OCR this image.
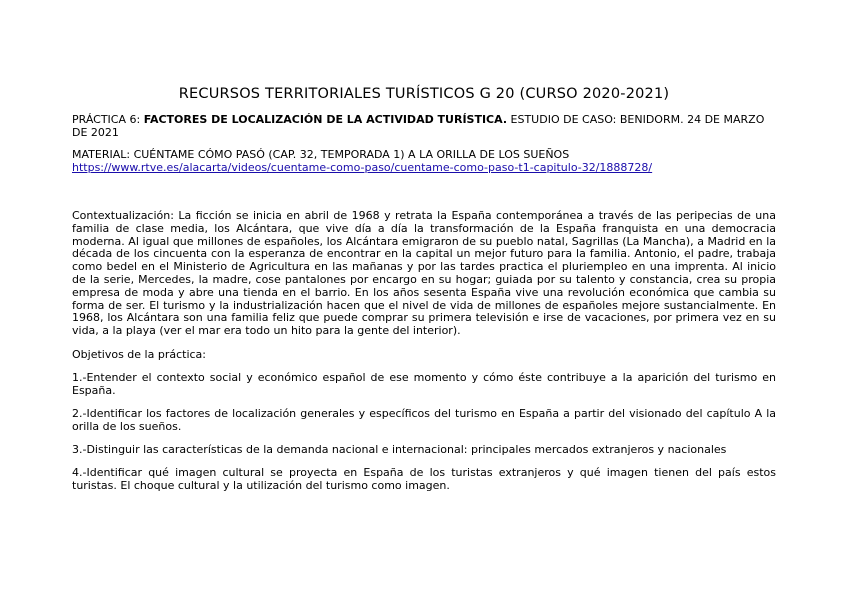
RECURSOS TERRITORIALES TURÍSTICOS G 20 (CURSO 2020-2021)

PRÁCTICA 6: FACTORES DE LOCALIZACIÓN DE LA ACTIVIDAD TURÍSTICA. ESTUDIO DE CASO: BENIDORM. 24 DE MARZO DE 2021

MATERIAL: CUÉNTAME CÓMO PASÓ (CAP. 32, TEMPORADA 1) A LA ORILLA DE LOS SUEÑOS
https://www.rtve.es/alacarta/videos/cuentame-como-paso/cuentame-como-paso-t1-capitulo-32/1888728/

Contextualización: La ficción se inicia en abril de 1968 y retrata la España contemporánea a través de las peripecias de una familia de clase media, los Alcántara, que vive día a día la transformación de la España franquista en una democracia moderna. Al igual que millones de españoles, los Alcántara emigraron de su pueblo natal, Sagrillas (La Mancha), a Madrid en la década de los cincuenta con la esperanza de encontrar en la capital un mejor futuro para la familia. Antonio, el padre, trabaja como bedel en el Ministerio de Agricultura en las mañanas y por las tardes practica el pluriempleo en una imprenta. Al inicio de la serie, Mercedes, la madre, cose pantalones por encargo en su hogar; guiada por su talento y constancia, crea su propia empresa de moda y abre una tienda en el barrio. En los años sesenta España vive una revolución económica que cambia su forma de ser. El turismo y la industrialización hacen que el nivel de vida de millones de españoles mejore sustancialmente. En 1968, los Alcántara son una familia feliz que puede comprar su primera televisión e irse de vacaciones, por primera vez en su vida, a la playa (ver el mar era todo un hito para la gente del interior).

Objetivos de la práctica:

1.-Entender el contexto social y económico español de ese momento y cómo éste contribuye a la aparición del turismo en España.

2.-Identificar los factores de localización generales y específicos del turismo en España a partir del visionado del capítulo A la orilla de los sueños.

3.-Distinguir las características de la demanda nacional e internacional: principales mercados extranjeros y nacionales

4.-Identificar qué imagen cultural se proyecta en España de los turistas extranjeros y qué imagen tienen del país estos turistas. El choque cultural y la utilización del turismo como imagen.
